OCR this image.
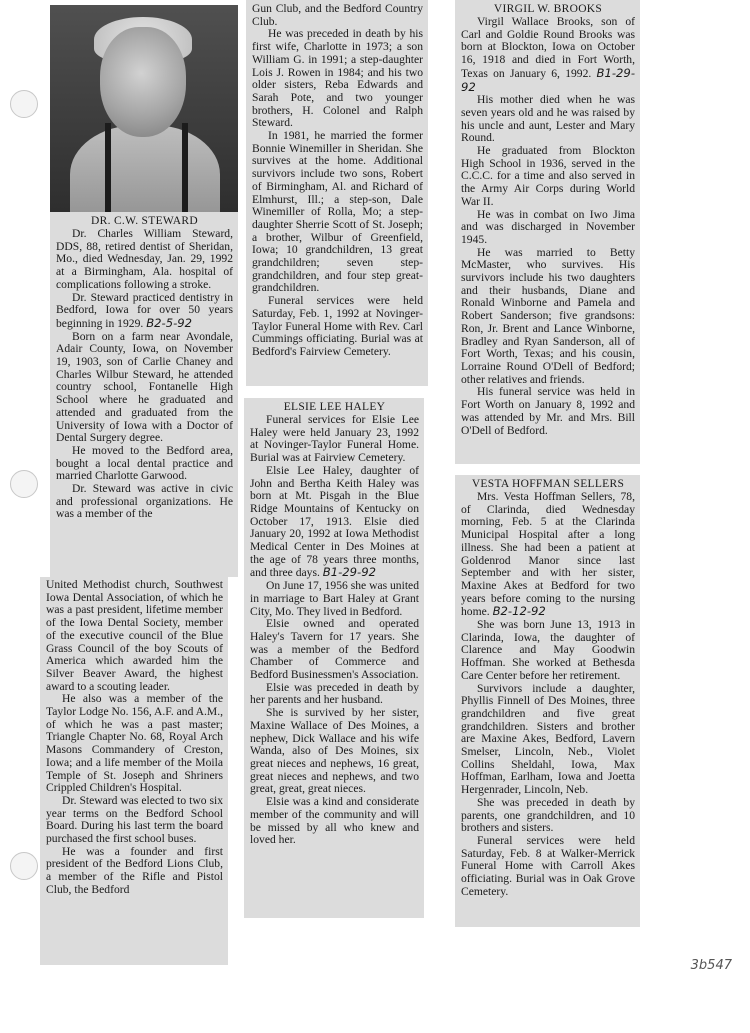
DR. C.W. STEWARD

Dr. Charles William Steward, DDS, 88, retired dentist of Sheridan, Mo., died Wednesday, Jan. 29, 1992 at a Birmingham, Ala. hospital of complications following a stroke.

Dr. Steward practiced dentistry in Bedford, Iowa for over 50 years beginning in 1929. B2-5-92

Born on a farm near Avondale, Adair County, Iowa, on November 19, 1903, son of Carlie Chaney and Charles Wilbur Steward, he attended country school, Fontanelle High School where he graduated and attended and graduated from the University of Iowa with a Doctor of Dental Surgery degree.

He moved to the Bedford area, bought a local dental practice and married Charlotte Garwood.

Dr. Steward was active in civic and professional organizations. He was a member of the

United Methodist church, Southwest Iowa Dental Association, of which he was a past president, lifetime member of the Iowa Dental Society, member of the executive council of the Blue Grass Council of the boy Scouts of America which awarded him the Silver Beaver Award, the highest award to a scouting leader.

He also was a member of the Taylor Lodge No. 156, A.F. and A.M., of which he was a past master; Triangle Chapter No. 68, Royal Arch Masons Commandery of Creston, Iowa; and a life member of the Moila Temple of St. Joseph and Shriners Crippled Children's Hospital.

Dr. Steward was elected to two six year terms on the Bedford School Board. During his last term the board purchased the first school buses.

He was a founder and first president of the Bedford Lions Club, a member of the Rifle and Pistol Club, the Bedford

Gun Club, and the Bedford Country Club.

He was preceded in death by his first wife, Charlotte in 1973; a son William G. in 1991; a step-daughter Lois J. Rowen in 1984; and his two older sisters, Reba Edwards and Sarah Pote, and two younger brothers, H. Colonel and Ralph Steward.

In 1981, he married the former Bonnie Winemiller in Sheridan. She survives at the home. Additional survivors include two sons, Robert of Birmingham, Al. and Richard of Elmhurst, Ill.; a step-son, Dale Winemiller of Rolla, Mo; a step-daughter Sherrie Scott of St. Joseph; a brother, Wilbur of Greenfield, Iowa; 10 grandchildren, 13 great grandchildren; seven step-grandchildren, and four step great-grandchildren.

Funeral services were held Saturday, Feb. 1, 1992 at Novinger-Taylor Funeral Home with Rev. Carl Cummings officiating. Burial was at Bedford's Fairview Cemetery.

ELSIE LEE HALEY

Funeral services for Elsie Lee Haley were held January 23, 1992 at Novinger-Taylor Funeral Home. Burial was at Fairview Cemetery.

Elsie Lee Haley, daughter of John and Bertha Keith Haley was born at Mt. Pisgah in the Blue Ridge Mountains of Kentucky on October 17, 1913. Elsie died January 20, 1992 at Iowa Methodist Medical Center in Des Moines at the age of 78 years three months, and three days. B1-29-92

On June 17, 1956 she was united in marriage to Bart Haley at Grant City, Mo. They lived in Bedford.

Elsie owned and operated Haley's Tavern for 17 years. She was a member of the Bedford Chamber of Commerce and Bedford Businessmen's Association.

Elsie was preceded in death by her parents and her husband.

She is survived by her sister, Maxine Wallace of Des Moines, a nephew, Dick Wallace and his wife Wanda, also of Des Moines, six great nieces and nephews, 16 great, great nieces and nephews, and two great, great, great nieces.

Elsie was a kind and considerate member of the community and will be missed by all who knew and loved her.

VIRGIL W. BROOKS

Virgil Wallace Brooks, son of Carl and Goldie Round Brooks was born at Blockton, Iowa on October 16, 1918 and died in Fort Worth, Texas on January 6, 1992. B1-29-92

His mother died when he was seven years old and he was raised by his uncle and aunt, Lester and Mary Round.

He graduated from Blockton High School in 1936, served in the C.C.C. for a time and also served in the Army Air Corps during World War II.

He was in combat on Iwo Jima and was discharged in November 1945.

He was married to Betty McMaster, who survives. His survivors include his two daughters and their husbands, Diane and Ronald Winborne and Pamela and Robert Sanderson; five grandsons: Ron, Jr. Brent and Lance Winborne, Bradley and Ryan Sanderson, all of Fort Worth, Texas; and his cousin, Lorraine Round O'Dell of Bedford; other relatives and friends.

His funeral service was held in Fort Worth on January 8, 1992 and was attended by Mr. and Mrs. Bill O'Dell of Bedford.

VESTA HOFFMAN SELLERS

Mrs. Vesta Hoffman Sellers, 78, of Clarinda, died Wednesday morning, Feb. 5 at the Clarinda Municipal Hospital after a long illness. She had been a patient at Goldenrod Manor since last September and with her sister, Maxine Akes at Bedford for two years before coming to the nursing home. B2-12-92

She was born June 13, 1913 in Clarinda, Iowa, the daughter of Clarence and May Goodwin Hoffman. She worked at Bethesda Care Center before her retirement.

Survivors include a daughter, Phyllis Finnell of Des Moines, three grandchildren and five great grandchildren. Sisters and brother are Maxine Akes, Bedford, Lavern Smelser, Lincoln, Neb., Violet Collins Sheldahl, Iowa, Max Hoffman, Earlham, Iowa and Joetta Hergenrader, Lincoln, Neb.

She was preceded in death by parents, one grandchildren, and 10 brothers and sisters.

Funeral services were held Saturday, Feb. 8 at Walker-Merrick Funeral Home with Carroll Akes officiating. Burial was in Oak Grove Cemetery.

3b547
